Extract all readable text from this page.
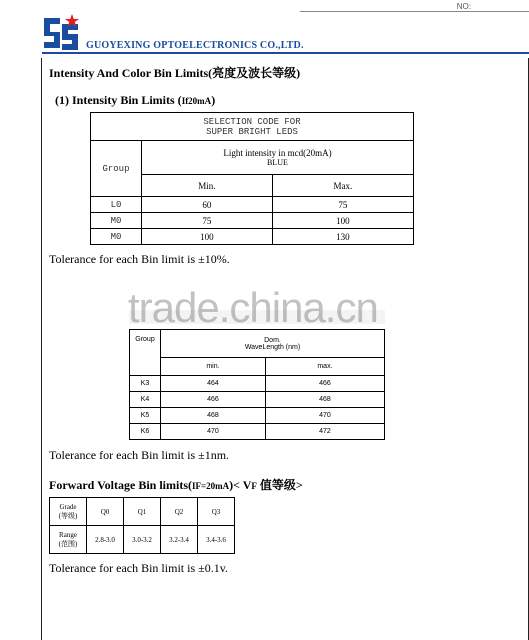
NO:
GUOYEXING OPTOELECTRONICS CO.,LTD.
Intensity And Color Bin Limits(亮度及波长等级)
(1) Intensity Bin Limits (If20mA)
SELECTION CODE FOR
SUPER BRIGHT LEDS		

Group	Light intensity in mcd(20mA)
BLUE	

	Min.	Max.
L0	60	75
M0	75	100
M0	100	130
Tolerance for each Bin limit is ±10%.
trade.china.cn
Group	Dom.
WaveLength (nm)	

	min.	max.
K3	464	466
K4	466	468
K5	468	470
K6	470	472
Tolerance for each Bin limit is ±1nm.
Forward Voltage Bin limits(IF=20mA)< VF 值等级>
Grade
(等级)	Q0	Q1	Q2	Q3

Range
(范围)	2.8-3.0	3.0-3.2	3.2-3.4	3.4-3.6
Tolerance for each Bin limit is ±0.1v.
